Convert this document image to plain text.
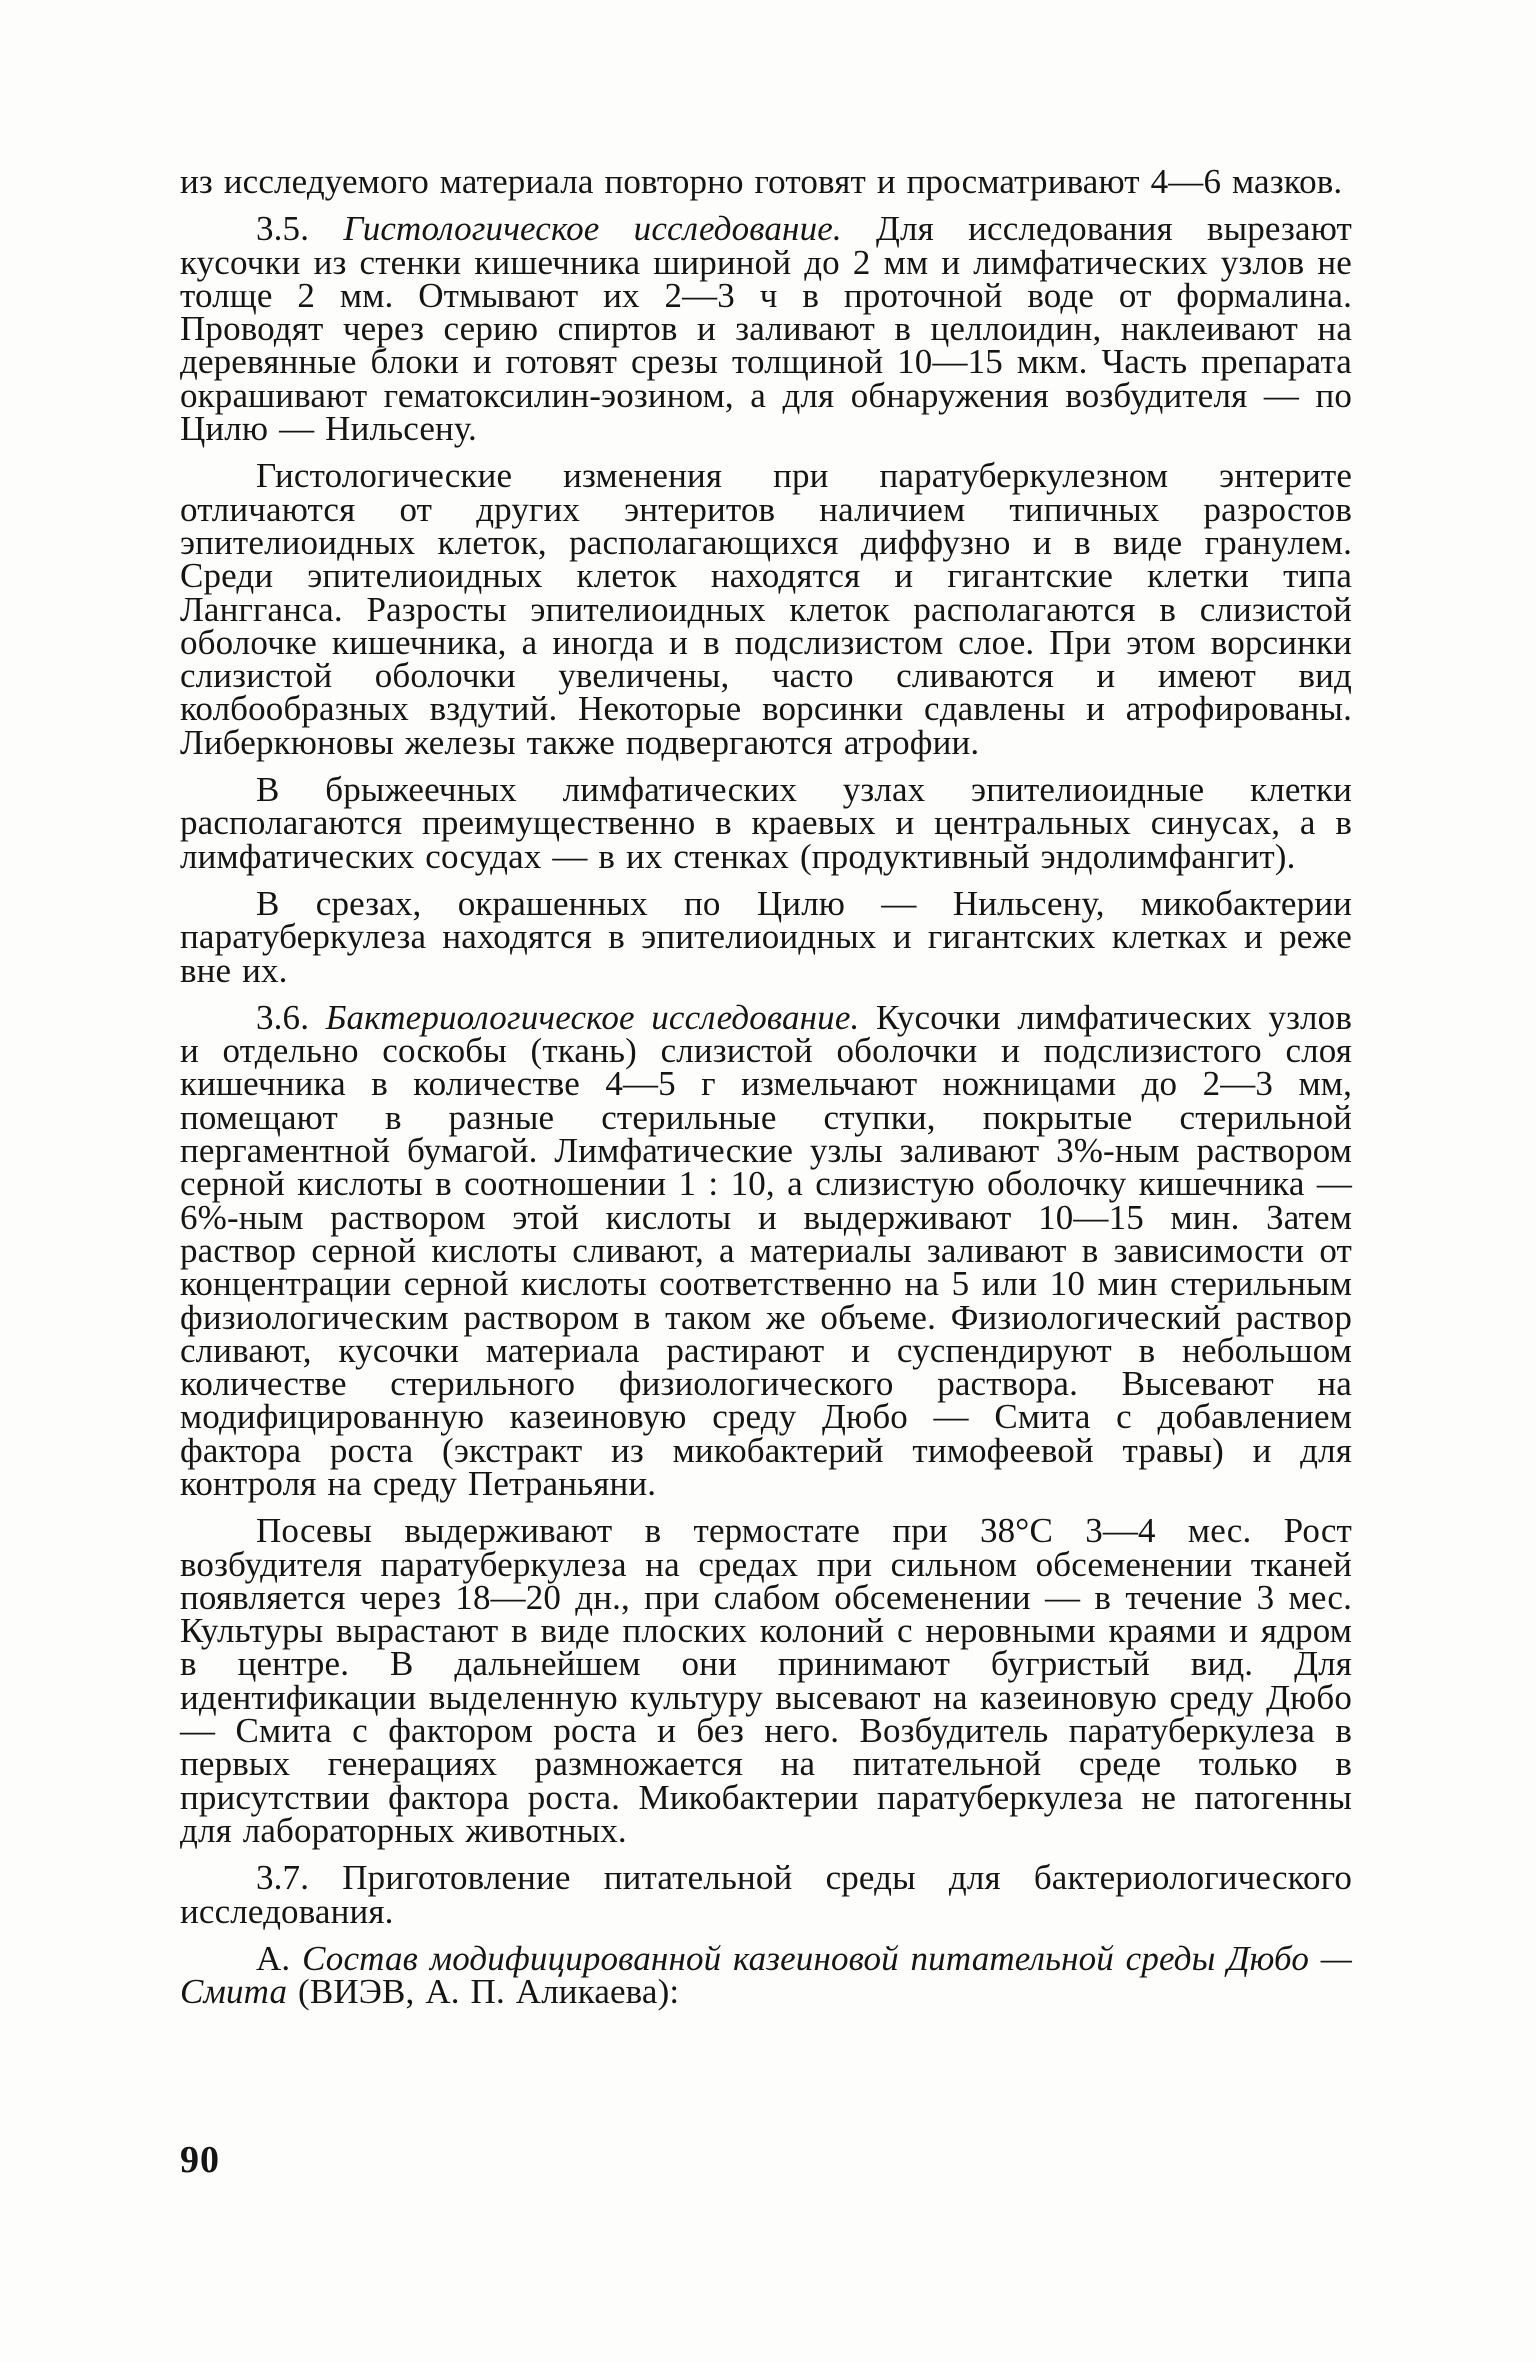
из исследуемого материала повторно готовят и просматривают 4—6 мазков.

3.5. Гистологическое исследование. Для исследования вырезают кусочки из стенки кишечника шириной до 2 мм и лимфатических узлов не толще 2 мм. Отмывают их 2—3 ч в проточной воде от формалина. Проводят через серию спиртов и заливают в целлоидин, наклеивают на деревянные блоки и готовят срезы толщиной 10—15 мкм. Часть препарата окрашивают гематоксилин-эозином, а для обнаружения возбудителя — по Цилю — Нильсену.

Гистологические изменения при паратуберкулезном энтерите отличаются от других энтеритов наличием типичных разростов эпителиоидных клеток, располагающихся диффузно и в виде гранулем. Среди эпителиоидных клеток находятся и гигантские клетки типа Лангганса. Разросты эпителиоидных клеток располагаются в слизистой оболочке кишечника, а иногда и в подслизистом слое. При этом ворсинки слизистой оболочки увеличены, часто сливаются и имеют вид колбообразных вздутий. Некоторые ворсинки сдавлены и атрофированы. Либеркюновы железы также подвергаются атрофии.

В брыжеечных лимфатических узлах эпителиоидные клетки располагаются преимущественно в краевых и центральных синусах, а в лимфатических сосудах — в их стенках (продуктивный эндолимфангит).

В срезах, окрашенных по Цилю — Нильсену, микобактерии паратуберкулеза находятся в эпителиоидных и гигантских клетках и реже вне их.

3.6. Бактериологическое исследование. Кусочки лимфатических узлов и отдельно соскобы (ткань) слизистой оболочки и подслизистого слоя кишечника в количестве 4—5 г измельчают ножницами до 2—3 мм, помещают в разные стерильные ступки, покрытые стерильной пергаментной бумагой. Лимфатические узлы заливают 3%-ным раствором серной кислоты в соотношении 1 : 10, а слизистую оболочку кишечника — 6%-ным раствором этой кислоты и выдерживают 10—15 мин. Затем раствор серной кислоты сливают, а материалы заливают в зависимости от концентрации серной кислоты соответственно на 5 или 10 мин стерильным физиологическим раствором в таком же объеме. Физиологический раствор сливают, кусочки материала растирают и суспендируют в небольшом количестве стерильного физиологического раствора. Высевают на модифицированную казеиновую среду Дюбо — Смита с добавлением фактора роста (экстракт из микобактерий тимофеевой травы) и для контроля на среду Петраньяни.

Посевы выдерживают в термостате при 38°С 3—4 мес. Рост возбудителя паратуберкулеза на средах при сильном обсеменении тканей появляется через 18—20 дн., при слабом обсеменении — в течение 3 мес. Культуры вырастают в виде плоских колоний с неровными краями и ядром в центре. В дальнейшем они принимают бугристый вид. Для идентификации выделенную культуру высевают на казеиновую среду Дюбо — Смита с фактором роста и без него. Возбудитель паратуберкулеза в первых генерациях размножается на питательной среде только в присутствии фактора роста. Микобактерии паратуберкулеза не патогенны для лабораторных животных.

3.7. Приготовление питательной среды для бактериологического исследования.

А. Состав модифицированной казеиновой питательной среды Дюбо — Смита (ВИЭВ, А. П. Аликаева):

90
